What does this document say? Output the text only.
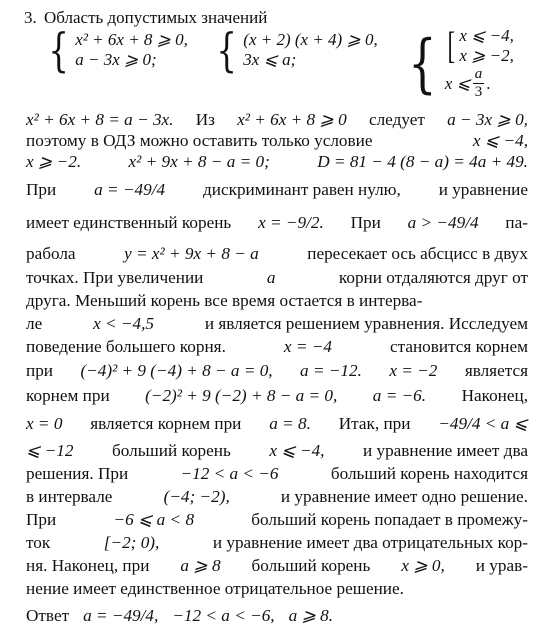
3. Область допустимых значений
{ x² + 6x + 8 ⩾ 0,
a − 3x ⩾ 0;	{ (x + 2) (x + 4) ⩾ 0,
3x ⩽ a;	{ [ x ⩽ −4,
x ⩾ −2,
x ⩽ $\frac{a}{3}$ .
x² + 6x + 8 = a − 3x. Из x² + 6x + 8 ⩾ 0 следует a − 3x ⩾ 0,
поэтому в ОДЗ можно оставить только условие	x ⩽ −4,
x ⩾ −2.	x² + 9x + 8 − a = 0;	D = 81 − 4 (8 − a) = 4a + 49.
При a = −49/4 дискриминант равен нулю, и уравнение
имеет единственный корень x = −9/2. При a > −49/4 па-
рабола	y = x² + 9x + 8 − a	пересекает ось абсцисс в двух
точках. При увеличении	a	корни отдаляются друг от
друга. Меньший корень все время остается в интерва-
ле	x < −4,5	и является решением уравнения. Исследуем
поведение большего корня.	x = −4	становится корнем
при (−4)² + 9 (−4) + 8 − a = 0, a = −12. x = −2 является
корнем при (−2)² + 9 (−2) + 8 − a = 0, a = −6. Наконец,
x = 0 является корнем при a = 8. Итак, при −49/4 < a ⩽
⩽ −12 больший корень x ⩽ −4, и уравнение имеет два
решения. При	−12 < a < −6	больший корень находится
в интервале	(−4; −2),	и уравнение имеет одно решение.
При	−6 ⩽ a < 8	больший корень попадает в промежу-
ток	[−2; 0),	и уравнение имеет два отрицательных кор-
ня. Наконец, при a ⩾ 8 больший корень x ⩾ 0, и урав-
нение имеет единственное отрицательное решение.
Ответ a = −49/4, −12 < a < −6, a ⩾ 8.
